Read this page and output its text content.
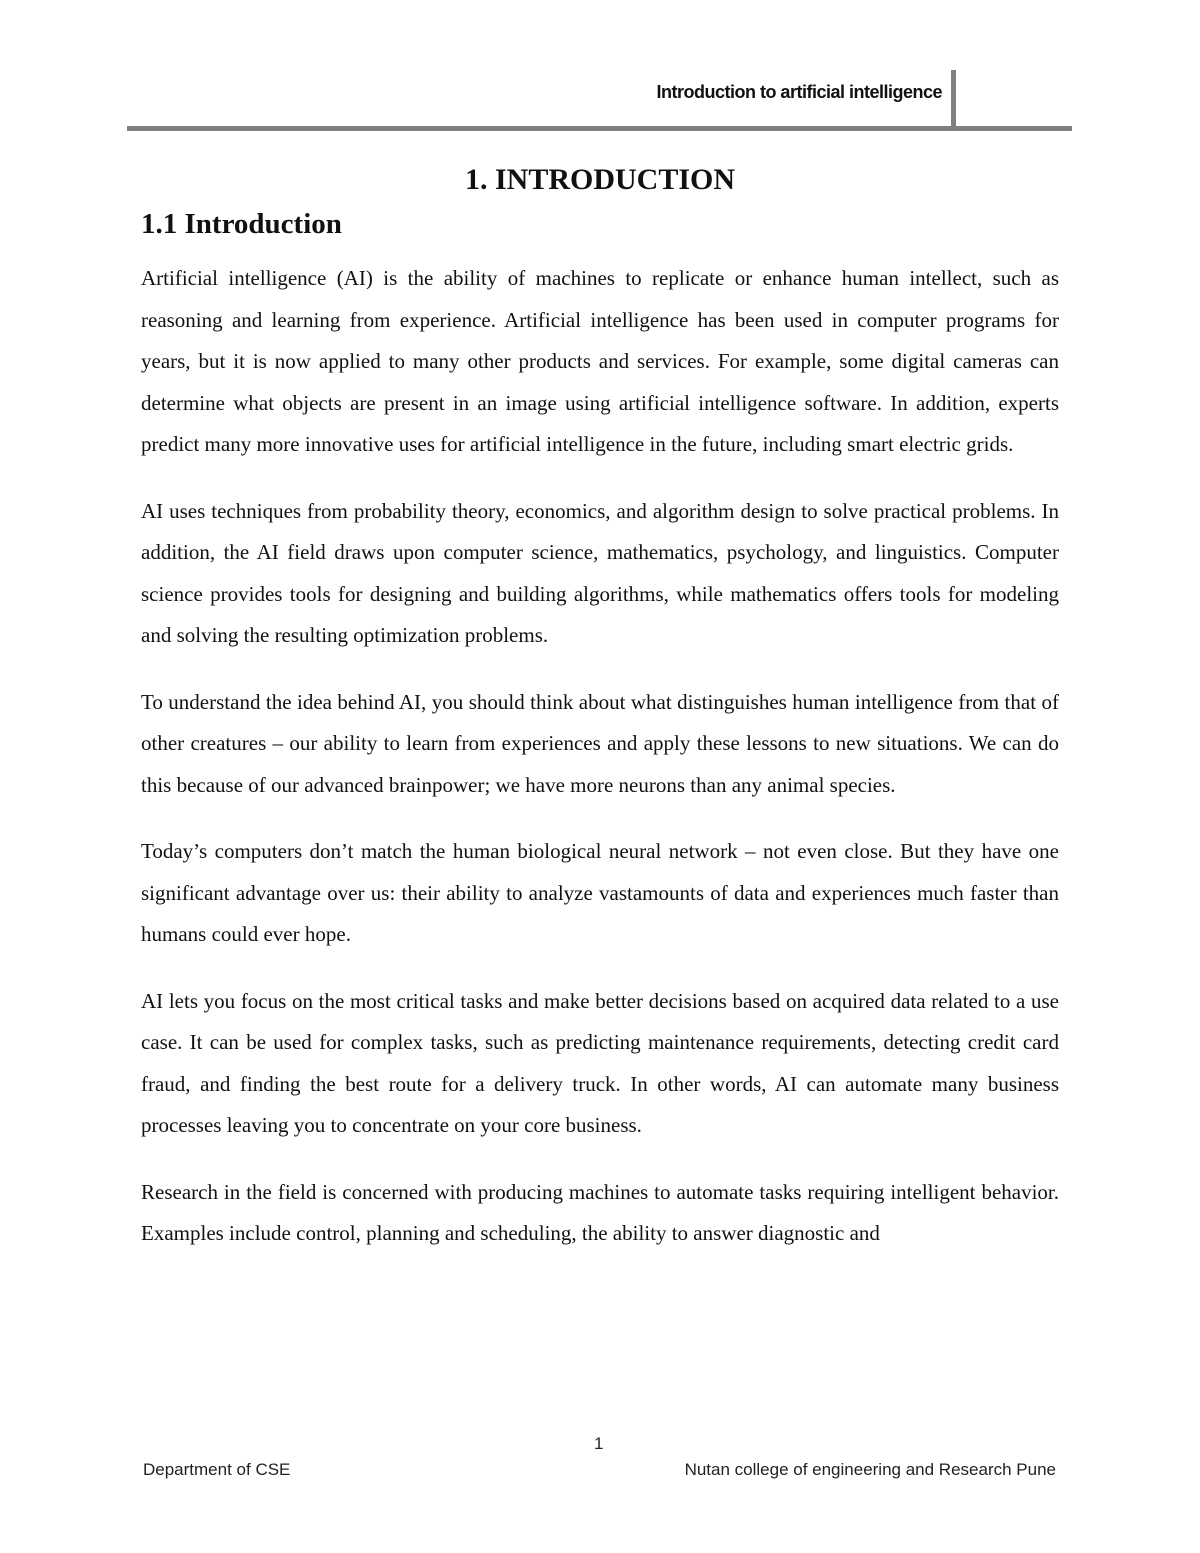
Introduction to artificial intelligence
1. INTRODUCTION
1.1 Introduction

Artificial intelligence (AI) is the ability of machines to replicate or enhance human intellect, such as reasoning and learning from experience. Artificial intelligence has been used in computer programs for years, but it is now applied to many other products and services. For example, some digital cameras can determine what objects are present in an image using artificial intelligence software. In addition, experts predict many more innovative uses for artificial intelligence in the future, including smart electric grids.

AI uses techniques from probability theory, economics, and algorithm design to solve practical problems. In addition, the AI field draws upon computer science, mathematics, psychology, and linguistics. Computer science provides tools for designing and building algorithms, while mathematics offers tools for modeling and solving the resulting optimization problems.

To understand the idea behind AI, you should think about what distinguishes human intelligence from that of other creatures – our ability to learn from experiences and apply these lessons to new situations. We can do this because of our advanced brainpower; we have more neurons than any animal species.

Today’s computers don’t match the human biological neural network – not even close. But they have one significant advantage over us: their ability to analyze vastamounts of data and experiences much faster than humans could ever hope.

AI lets you focus on the most critical tasks and make better decisions based on acquired data related to a use case. It can be used for complex tasks, such as predicting maintenance requirements, detecting credit card fraud, and finding the best route for a delivery truck. In other words, AI can automate many business processes leaving you to concentrate on your core business.

Research in the field is concerned with producing machines to automate tasks requiring intelligent behavior. Examples include control, planning and scheduling, the ability to answer diagnostic and

1
Department of CSE	Nutan college of engineering and Research Pune
